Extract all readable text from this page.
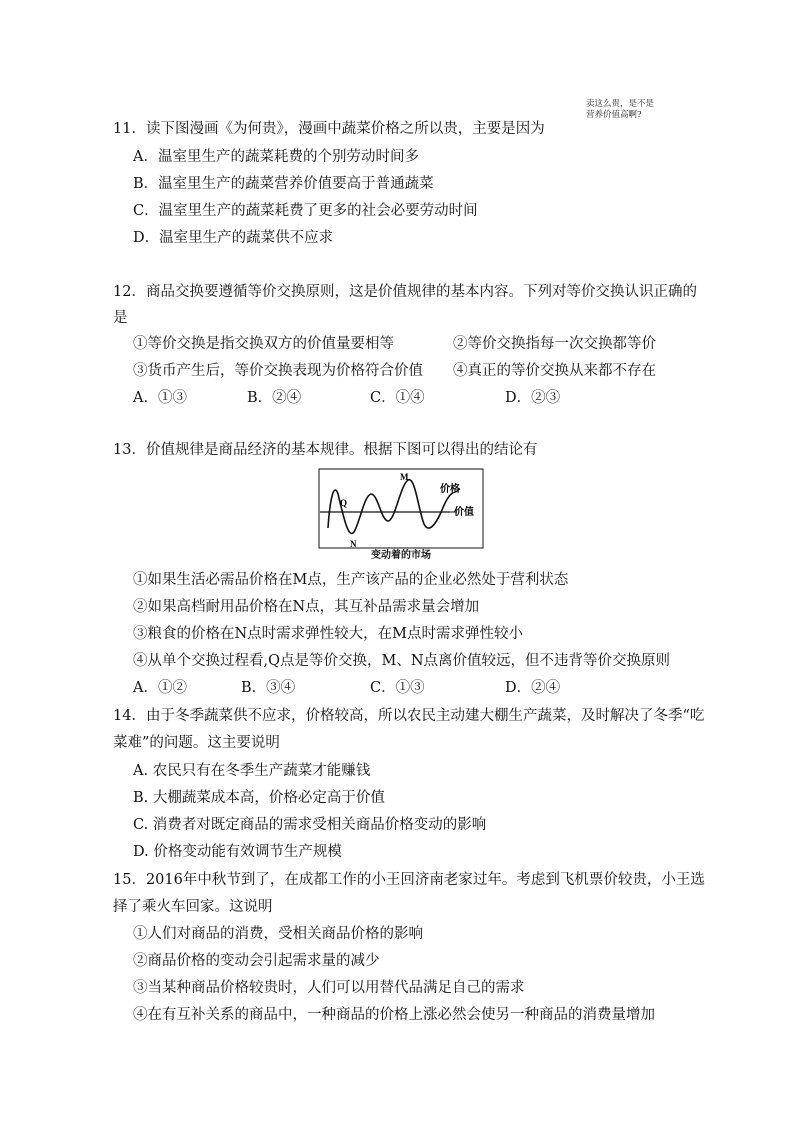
卖这么贵，是不是
营养价值高啊?
11．读下图漫画《为何贵》，漫画中蔬菜价格之所以贵，主要是因为
A．温室里生产的蔬菜耗费的个别劳动时间多
B．温室里生产的蔬菜营养价值要高于普通蔬菜
C．温室里生产的蔬菜耗费了更多的社会必要劳动时间
D．温室里生产的蔬菜供不应求
12．商品交换要遵循等价交换原则，这是价值规律的基本内容。下列对等价交换认识正确的
是
①等价交换是指交换双方的价值量要相等	②等价交换指每一次交换都等价
③货币产生后，等价交换表现为价格符合价值 ④真正的等价交换从来都不存在
A．①③	B．②④	C．①④	D．②③
13．价值规律是商品经济的基本规律。根据下图可以得出的结论有
价格
价值
M
N
Q
变动着的市场
①如果生活必需品价格在M点，生产该产品的企业必然处于营利状态
②如果高档耐用品价格在N点，其互补品需求量会增加
③粮食的价格在N点时需求弹性较大，在M点时需求弹性较小
④从单个交换过程看,Q点是等价交换，M、N点离价值较远，但不违背等价交换原则
A．①②	B．③④	C．①③	D．②④
14．由于冬季蔬菜供不应求，价格较高，所以农民主动建大棚生产蔬菜，及时解决了冬季“吃
菜难”的问题。这主要说明
A. 农民只有在冬季生产蔬菜才能赚钱
B. 大棚蔬菜成本高，价格必定高于价值
C. 消费者对既定商品的需求受相关商品价格变动的影响
D. 价格变动能有效调节生产规模
15．2016年中秋节到了，在成都工作的小王回济南老家过年。考虑到飞机票价较贵，小王选
择了乘火车回家。这说明
①人们对商品的消费，受相关商品价格的影响
②商品价格的变动会引起需求量的减少
③当某种商品价格较贵时，人们可以用替代品满足自己的需求
④在有互补关系的商品中，一种商品的价格上涨必然会使另一种商品的消费量增加
